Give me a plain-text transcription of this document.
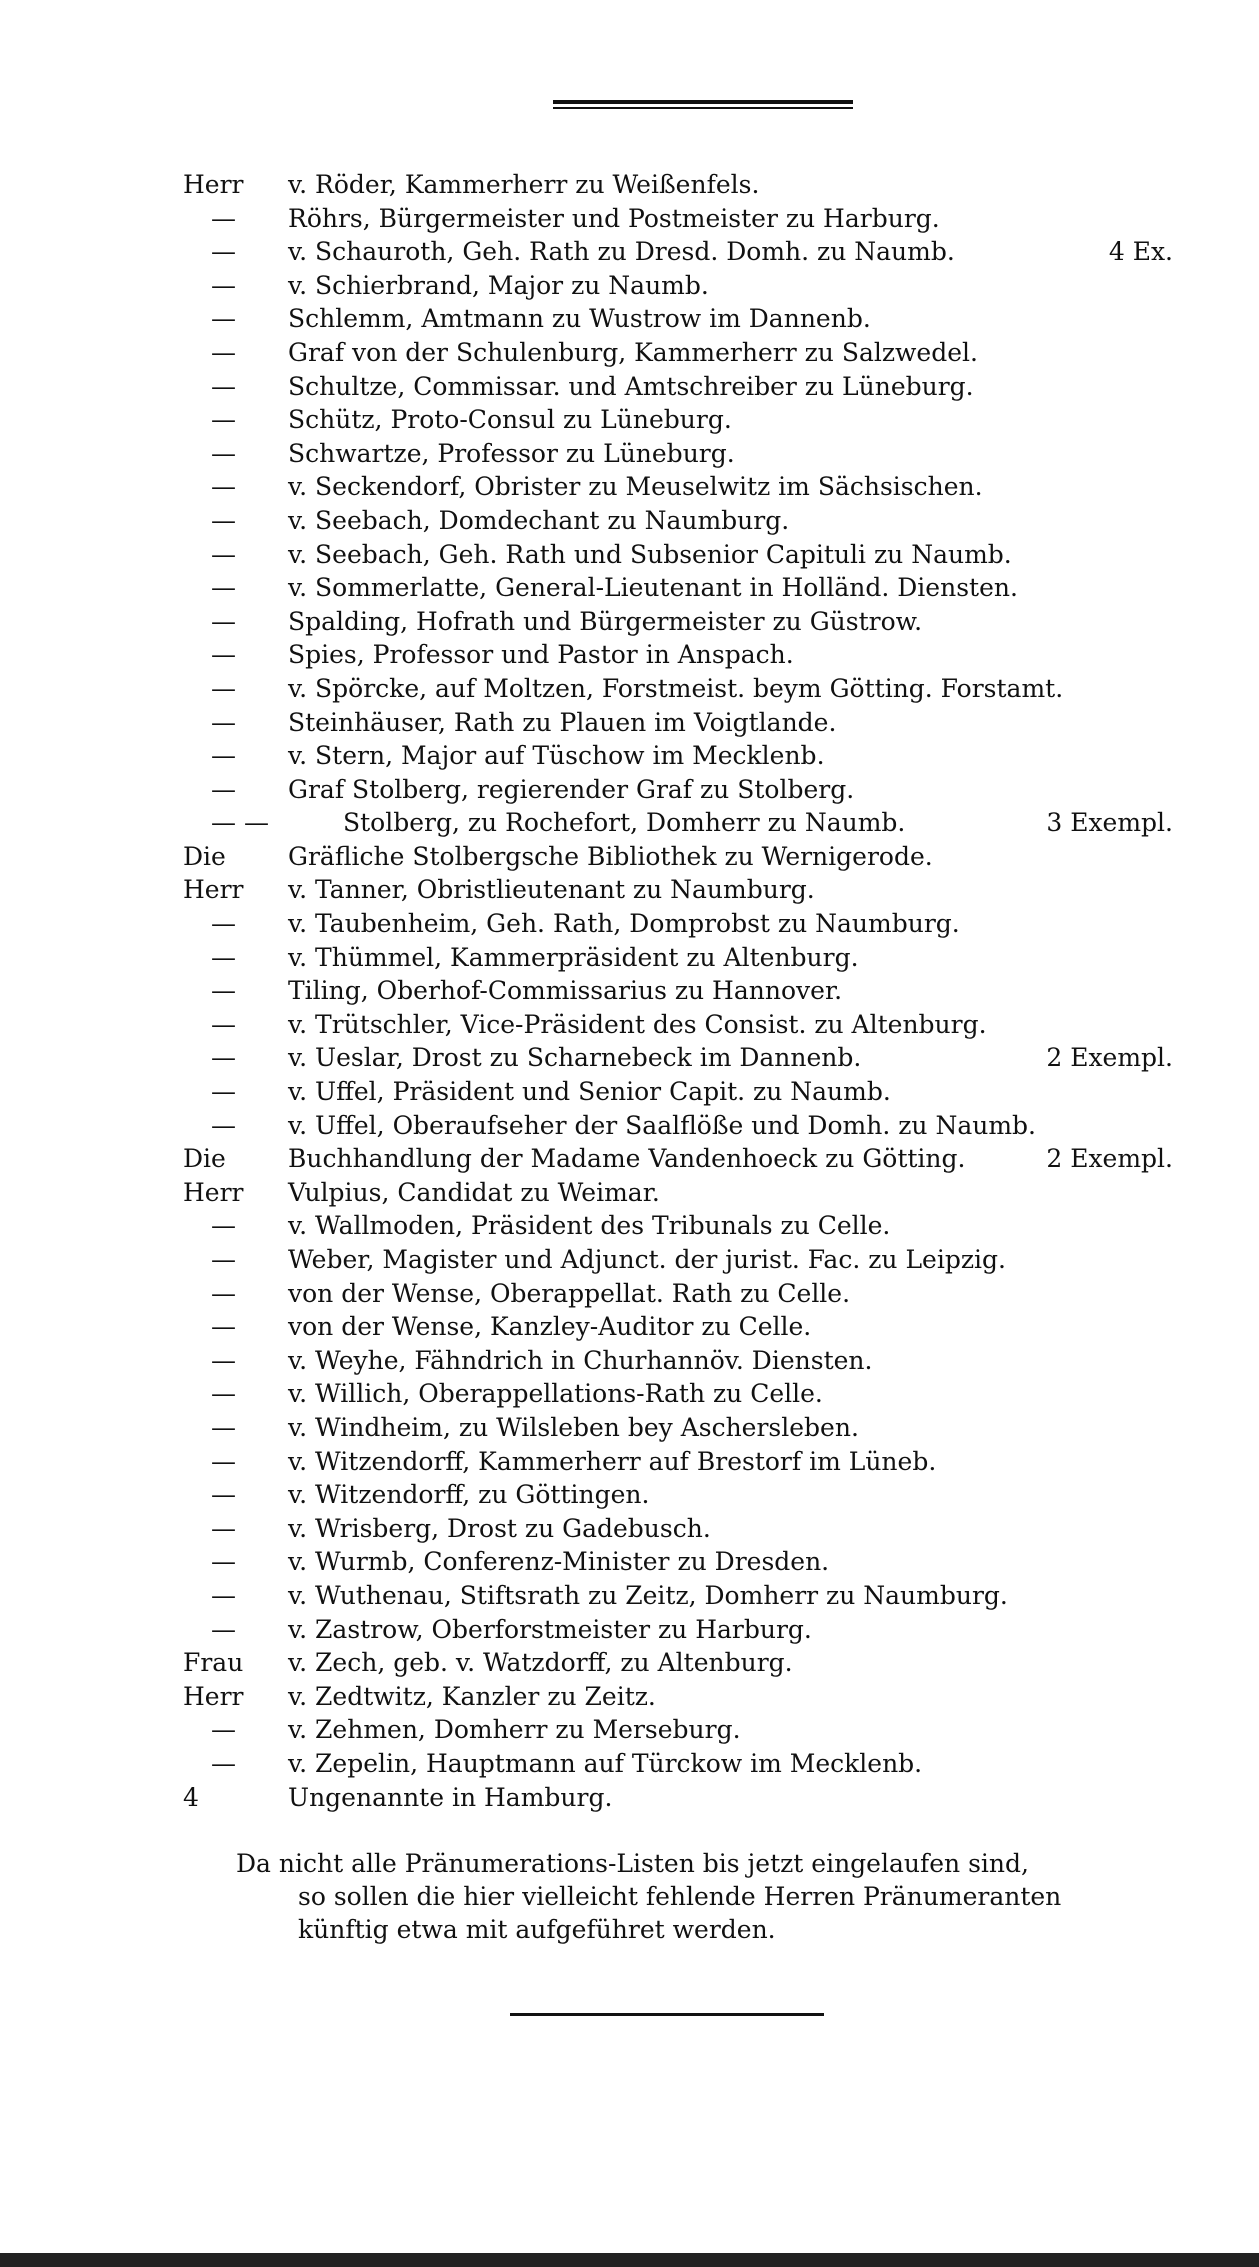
Herr v. Röder, Kammerherr zu Weißenfels.
— Röhrs, Bürgermeister und Postmeister zu Harburg.
— v. Schauroth, Geh. Rath zu Dresd. Domh. zu Naumb.	4 Ex.
— v. Schierbrand, Major zu Naumb.
— Schlemm, Amtmann zu Wustrow im Dannenb.
— Graf von der Schulenburg, Kammerherr zu Salzwedel.
— Schultze, Commissar. und Amtschreiber zu Lüneburg.
— Schütz, Proto-Consul zu Lüneburg.
— Schwartze, Professor zu Lüneburg.
— v. Seckendorf, Obrister zu Meuselwitz im Sächsischen.
— v. Seebach, Domdechant zu Naumburg.
— v. Seebach, Geh. Rath und Subsenior Capituli zu Naumb.
— v. Sommerlatte, General-Lieutenant in Holländ. Diensten.
— Spalding, Hofrath und Bürgermeister zu Güstrow.
— Spies, Professor und Pastor in Anspach.
— v. Spörcke, auf Moltzen, Forstmeist. beym Götting. Forstamt.
— Steinhäuser, Rath zu Plauen im Voigtlande.
— v. Stern, Major auf Tüschow im Mecklenb.
— Graf Stolberg, regierender Graf zu Stolberg.
— —	Stolberg, zu Rochefort, Domherr zu Naumb.	3 Exempl.
Die Gräfliche Stolbergsche Bibliothek zu Wernigerode.
Herr v. Tanner, Obristlieutenant zu Naumburg.
— v. Taubenheim, Geh. Rath, Domprobst zu Naumburg.
— v. Thümmel, Kammerpräsident zu Altenburg.
— Tiling, Oberhof-Commissarius zu Hannover.
— v. Trütschler, Vice-Präsident des Consist. zu Altenburg.
— v. Ueslar, Drost zu Scharnebeck im Dannenb.	2 Exempl.
— v. Uffel, Präsident und Senior Capit. zu Naumb.
— v. Uffel, Oberaufseher der Saalflöße und Domh. zu Naumb.
Die Buchhandlung der Madame Vandenhoeck zu Götting.	2 Exempl.
Herr Vulpius, Candidat zu Weimar.
— v. Wallmoden, Präsident des Tribunals zu Celle.
— Weber, Magister und Adjunct. der jurist. Fac. zu Leipzig.
— von der Wense, Oberappellat. Rath zu Celle.
— von der Wense, Kanzley-Auditor zu Celle.
— v. Weyhe, Fähndrich in Churhannöv. Diensten.
— v. Willich, Oberappellations-Rath zu Celle.
— v. Windheim, zu Wilsleben bey Aschersleben.
— v. Witzendorff, Kammerherr auf Brestorf im Lüneb.
— v. Witzendorff, zu Göttingen.
— v. Wrisberg, Drost zu Gadebusch.
— v. Wurmb, Conferenz-Minister zu Dresden.
— v. Wuthenau, Stiftsrath zu Zeitz, Domherr zu Naumburg.
— v. Zastrow, Oberforstmeister zu Harburg.
Frau v. Zech, geb. v. Watzdorff, zu Altenburg.
Herr v. Zedtwitz, Kanzler zu Zeitz.
— v. Zehmen, Domherr zu Merseburg.
— v. Zepelin, Hauptmann auf Türckow im Mecklenb.
4	Ungenannte in Hamburg.
Da nicht alle Pränumerations-Listen bis jetzt eingelaufen sind,
so sollen die hier vielleicht fehlende Herren Pränumeranten
künftig etwa mit aufgeführet werden.
